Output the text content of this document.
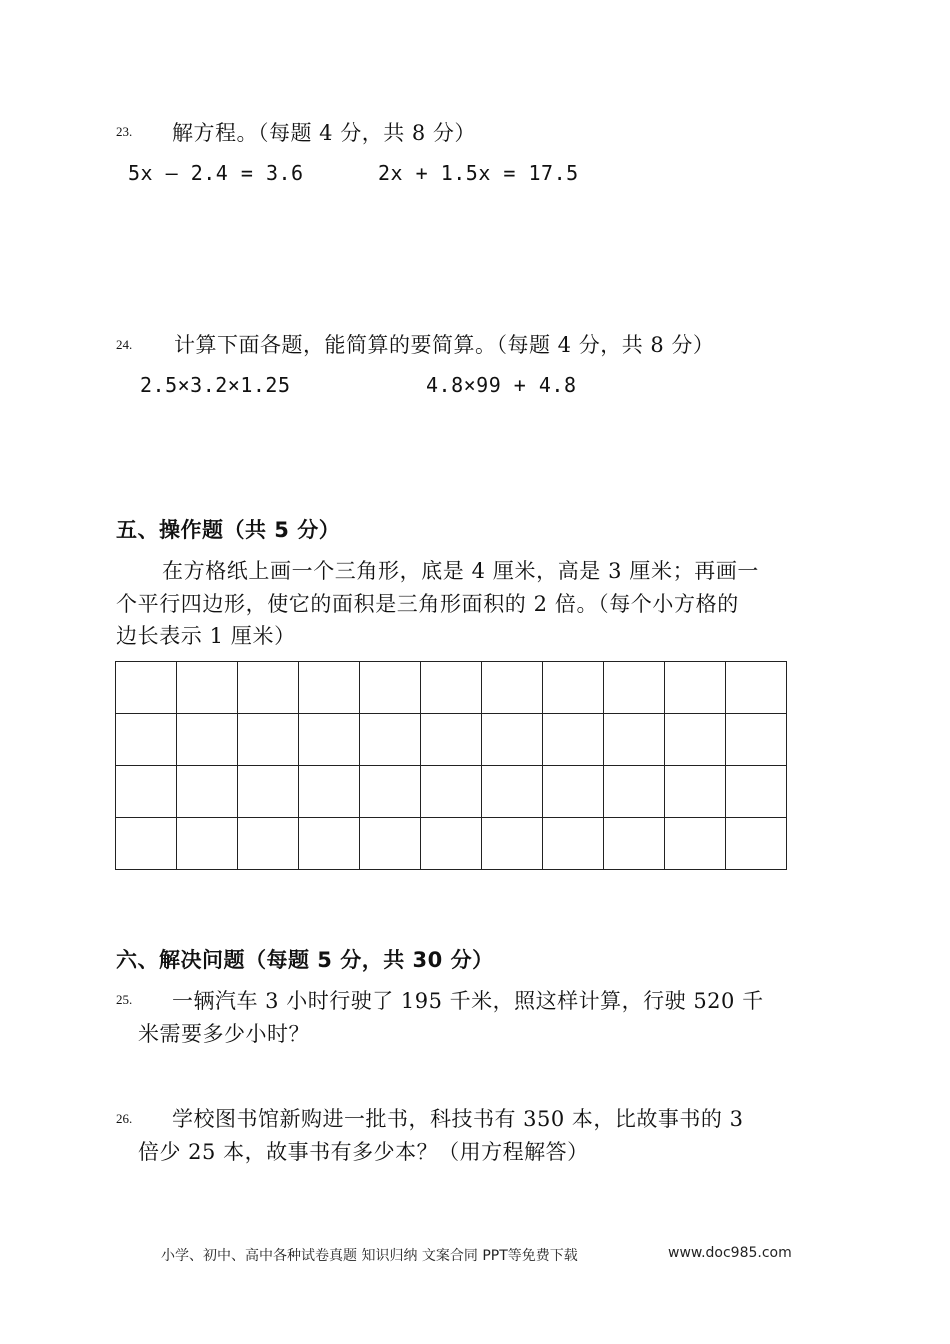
23. 解方程。（每题 4 分，共 8 分）
5x – 2.4 = 3.6	2x + 1.5x = 17.5
24. 计算下面各题，能简算的要简算。（每题 4 分，共 8 分）
2.5×3.2×1.25	4.8×99 + 4.8
五、操作题（共 5 分）
在方格纸上画一个三角形，底是 4 厘米，高是 3 厘米；再画一
个平行四边形，使它的面积是三角形面积的 2 倍。（每个小方格的
边长表示 1 厘米）

六、解决问题（每题 5 分，共 30 分）
25. 一辆汽车 3 小时行驶了 195 千米，照这样计算，行驶 520 千
米需要多少小时？
26. 学校图书馆新购进一批书，科技书有 350 本，比故事书的 3
倍少 25 本，故事书有多少本？（用方程解答）
小学、初中、高中各种试卷真题 知识归纳 文案合同 PPT等免费下载	www.doc985.com
